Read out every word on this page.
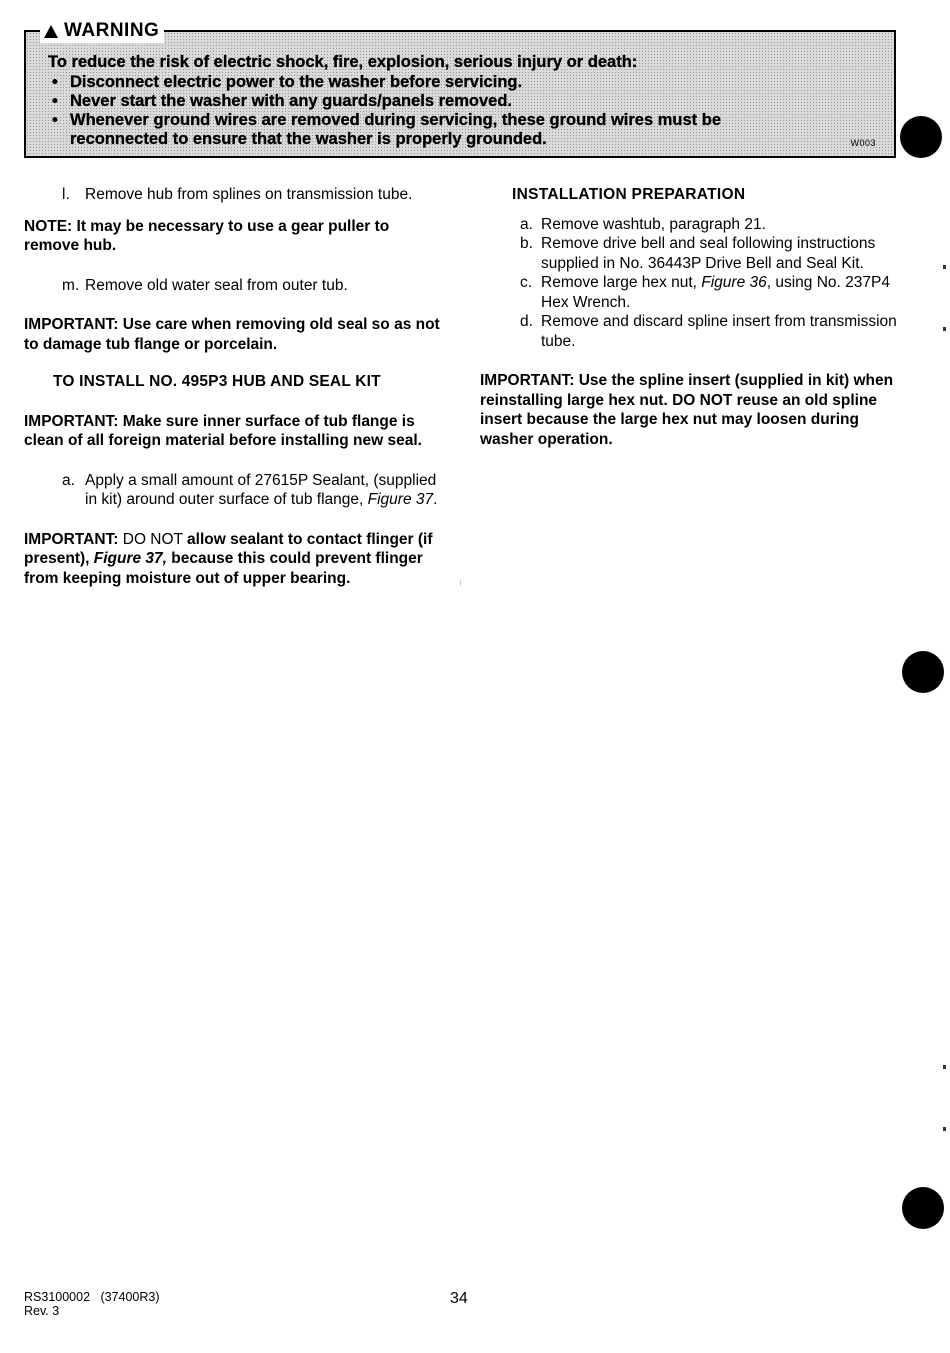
WARNING
To reduce the risk of electric shock, fire, explosion, serious injury or death:
• Disconnect electric power to the washer before servicing.
• Never start the washer with any guards/panels removed.
• Whenever ground wires are removed during servicing, these ground wires must be
reconnected to ensure that the washer is properly grounded.	W003
l. Remove hub from splines on transmission tube.

NOTE: It may be necessary to use a gear puller to remove hub.

m. Remove old water seal from outer tub.

IMPORTANT: Use care when removing old seal so as not to damage tub flange or porcelain.

TO INSTALL NO. 495P3 HUB AND SEAL KIT

IMPORTANT: Make sure inner surface of tub flange is clean of all foreign material before installing new seal.

a. Apply a small amount of 27615P Sealant, (supplied in kit) around outer surface of tub flange, Figure 37.

IMPORTANT: DO NOT allow sealant to contact flinger (if present), Figure 37, because this could prevent flinger from keeping moisture out of upper bearing.

INSTALLATION PREPARATION

a. Remove washtub, paragraph 21.
b. Remove drive bell and seal following instructions supplied in No. 36443P Drive Bell and Seal Kit.
c. Remove large hex nut, Figure 36, using No. 237P4 Hex Wrench.
d. Remove and discard spline insert from transmission tube.

IMPORTANT: Use the spline insert (supplied in kit) when reinstalling large hex nut. DO NOT reuse an old spline insert because the large hex nut may loosen during washer operation.

RS3100002   (37400R3)
Rev. 3
34
